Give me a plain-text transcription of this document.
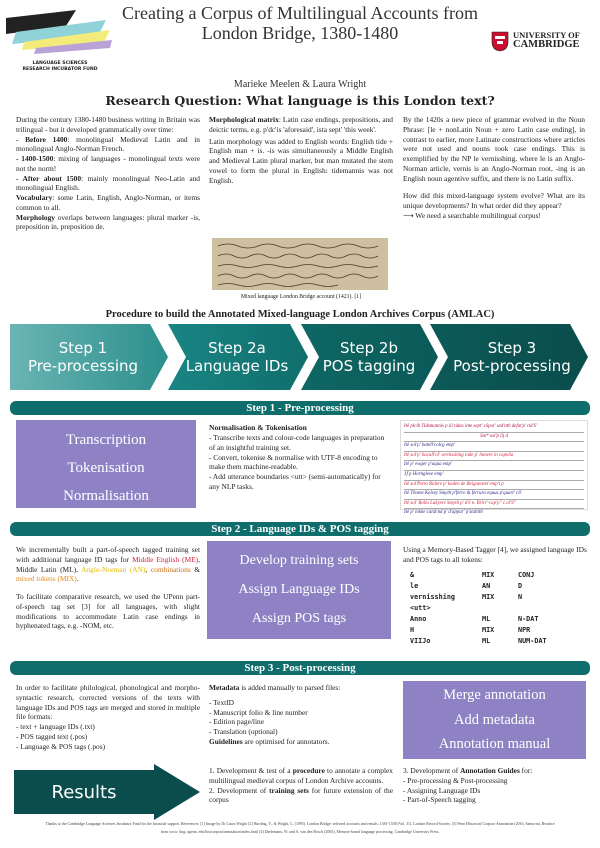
LANGUAGE SCIENCES
RESEARCH INCUBATOR FUND
Creating a Corpus of Multilingual Accounts from London Bridge, 1380-1480	UNIVERSITY OF
CAMBRIDGE
Marieke Meelen & Laura Wright
Research Question: What language is this London text?

During the century 1380-1480 business writing in Britain was trilingual - but it developed grammatically over time:

- Before 1400: monolingual Medieval Latin and in monolingual Anglo-Norman French.

- 1400-1500: mixing of languages - monolingual texts were not the norm!

- After about 1500: mainly monolingual Neo-Latin and monolingual English.

Vocabulary: some Latin, English, Anglo-Norman, or items common to all.

Morphology overlaps between languages: plural marker -is, preposition in, preposition de.

Morphological matrix: Latin case endings, prepositions, and deictic terms, e.g. p'dc'is 'aforesaid', ista sept' 'this week'.

Latin morphology was added to English words: English tide + English man + is. -is was simultaneously a Middle English and Medieval Latin plural marker, but man mutated the stem vowel to form the plural in English: tidemannis was not English.

Mixed language London Bridge account (1421). [1]

By the 1420s a new piece of grammar evolved in the Noun Phrase: [le + nonLatin Noun + zero Latin case ending], in contrast to earlier, more Latinate constructions where articles were not used and nouns took case endings. This is exemplified by the NP le vernisshing, where le is an Anglo-Norman article, vernis is an Anglo-Norman root, -ing is an English noun agentive suffix, and there is no Latin suffix.

How did this mixed-language system evolve? What are its unique developments? In what order did they appear?

⟶ We need a searchable multilingual corpus!

Procedure to build the Annotated Mixed-language London Archives Corpus (AMLAC)
Step 1
Pre-processing
Step 2a
Language IDs
Step 2b
POS tagging
Step 3
Post-processing
Step 1 - Pre-processing
Transcription
Tokenisation
Normalisation

Normalisation & Tokenisation

- Transcribe texts and colour-code languages in preparation of an insightful training set.

- Convert, tokenise & normalise with UTF-8 encoding to make them machine-readable.

- Add utterance boundaries <utt> (semi-automatically) for any NLP tasks.

Itē plcib Tidemannis p iii tidas inte sept' cōpot' sed'ntb defat'p' tid'S'
Sm* sol'p lij d
Itē sol'p' batell'colcg emp'
Itē sol'p' bacull'ol' vernisshing inde p' honere in capella
Itē p' ewger p'aqua emp'
1f p Hornglese emp'
Itē sol'Petro Ridere p' koden de Reigatestel emp't p
Itē Thome Kelsey Smyth p'ferro & ferrura equus p'quart' cli'
Itē sol' Rollo Lakyere Smyth p' d'ē n. Brirr'·cap'p'' c.ol'S°
Itē p' lokke cardcnd p' d'appar' p'stabith
Step 2 - Language IDs & POS tagging

We incrementally built a part-of-speech tagged training set with additional language ID tags for Middle English (ME), Middle Latin (ML), Anglo-Norman (AN), combinations & mixed tokens (MIX).

To facilitate comparative research, we used the UPenn part-of-speech tag set [3] for all languages, with slight modifications to accommodate Latin case endings in hyphenated tags, e.g. -NOM, etc.

Develop training sets
Assign Language IDs
Assign POS tags
Using a Memory-Based Tagger [4], we assigned language IDs and POS tags to all tokens:
&	MIX	CONJ
le	AN	D
vernisshing	MIX	N
<utt>
Anno	ML	N-DAT
H	MIX	NPR
VIIJo	ML	NUM-DAT
Step 3 - Post-processing

In order to facilitate philological, phonological and morpho-syntactic research, corrected versions of the texts with language IDs and POS tags are merged and stored in multiple file formats:

- text + language IDs (.txt)

- POS tagged text (.pos)

- Language & POS tags (.pos)

Results

Metadata is added manually to parsed files:

- TextID

- Manuscript folio & line number

- Edition page/line

- Translation (optional)

Guidelines are optimised for annotators.

Merge annotation
Add metadata
Annotation manual

1. Development & test of a procedure to annotate a complex multilingual medieval corpus of London Archive accounts.

2. Development of training sets for future extension of the corpus

3. Development of Annotation Guides for:

- Pre-processing & Post-processing

- Assigning Language IDs

- Part-of-Speech tagging

Thanks to the Cambridge Language Sciences Incubator Fund for the financial support. References: [1] Image by Dr Laura Wright [2] Harding, V., & Wright, L. (1995). London Bridge: selected accounts and rentals, 1381-1538 (Vol. 31). London Record Society. [3] Penn Historical Corpora Annotation (2016, Santorini, Beatrice

from www. ling. upenn. edu/histcorpora/annotation/index.html [4] Daelemans, W. and A. van den Bosch (2005), Memory-based language processing. Cambridge University Press.
